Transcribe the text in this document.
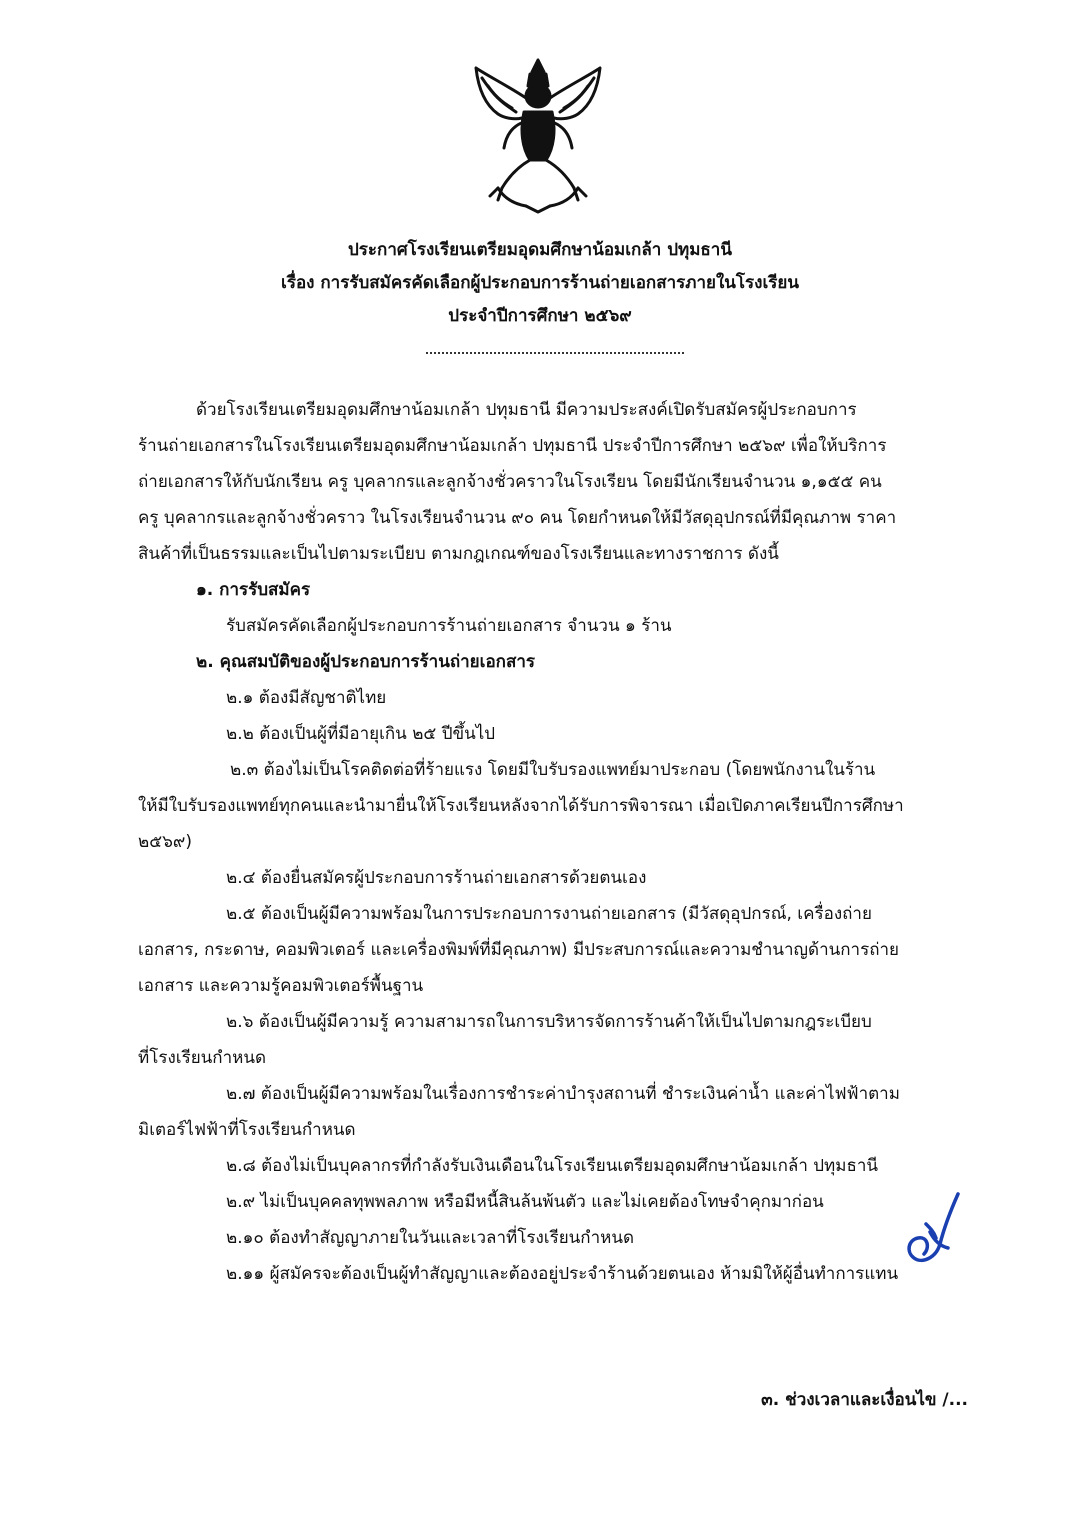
ประกาศโรงเรียนเตรียมอุดมศึกษาน้อมเกล้า ปทุมธานี
เรื่อง การรับสมัครคัดเลือกผู้ประกอบการร้านถ่ายเอกสารภายในโรงเรียน
ประจำปีการศึกษา ๒๕๖๙
ด้วยโรงเรียนเตรียมอุดมศึกษาน้อมเกล้า ปทุมธานี มีความประสงค์เปิดรับสมัครผู้ประกอบการ
ร้านถ่ายเอกสารในโรงเรียนเตรียมอุดมศึกษาน้อมเกล้า ปทุมธานี ประจำปีการศึกษา ๒๕๖๙ เพื่อให้บริการ
ถ่ายเอกสารให้กับนักเรียน ครู บุคลากรและลูกจ้างชั่วคราวในโรงเรียน โดยมีนักเรียนจำนวน ๑,๑๕๕ คน
ครู บุคลากรและลูกจ้างชั่วคราว ในโรงเรียนจำนวน ๙๐ คน โดยกำหนดให้มีวัสดุอุปกรณ์ที่มีคุณภาพ ราคา
สินค้าที่เป็นธรรมและเป็นไปตามระเบียบ ตามกฎเกณฑ์ของโรงเรียนและทางราชการ ดังนี้
๑. การรับสมัคร
รับสมัครคัดเลือกผู้ประกอบการร้านถ่ายเอกสาร จำนวน ๑ ร้าน
๒. คุณสมบัติของผู้ประกอบการร้านถ่ายเอกสาร
๒.๑ ต้องมีสัญชาติไทย
๒.๒ ต้องเป็นผู้ที่มีอายุเกิน ๒๕ ปีขึ้นไป
๒.๓ ต้องไม่เป็นโรคติดต่อที่ร้ายแรง โดยมีใบรับรองแพทย์มาประกอบ (โดยพนักงานในร้าน
ให้มีใบรับรองแพทย์ทุกคนและนำมายื่นให้โรงเรียนหลังจากได้รับการพิจารณา เมื่อเปิดภาคเรียนปีการศึกษา
๒๕๖๙)
๒.๔ ต้องยื่นสมัครผู้ประกอบการร้านถ่ายเอกสารด้วยตนเอง
๒.๕ ต้องเป็นผู้มีความพร้อมในการประกอบการงานถ่ายเอกสาร (มีวัสดุอุปกรณ์, เครื่องถ่าย
เอกสาร, กระดาษ, คอมพิวเตอร์ และเครื่องพิมพ์ที่มีคุณภาพ) มีประสบการณ์และความชำนาญด้านการถ่าย
เอกสาร และความรู้คอมพิวเตอร์พื้นฐาน
๒.๖ ต้องเป็นผู้มีความรู้ ความสามารถในการบริหารจัดการร้านค้าให้เป็นไปตามกฎระเบียบ
ที่โรงเรียนกำหนด
๒.๗ ต้องเป็นผู้มีความพร้อมในเรื่องการชำระค่าบำรุงสถานที่ ชำระเงินค่าน้ำ และค่าไฟฟ้าตาม
มิเตอร์ไฟฟ้าที่โรงเรียนกำหนด
๒.๘ ต้องไม่เป็นบุคลากรที่กำลังรับเงินเดือนในโรงเรียนเตรียมอุดมศึกษาน้อมเกล้า ปทุมธานี
๒.๙ ไม่เป็นบุคคลทุพพลภาพ หรือมีหนี้สินล้นพ้นตัว และไม่เคยต้องโทษจำคุกมาก่อน
๒.๑๐ ต้องทำสัญญาภายในวันและเวลาที่โรงเรียนกำหนด
๒.๑๑ ผู้สมัครจะต้องเป็นผู้ทำสัญญาและต้องอยู่ประจำร้านด้วยตนเอง ห้ามมิให้ผู้อื่นทำการแทน
๓. ช่วงเวลาและเงื่อนไข /...
